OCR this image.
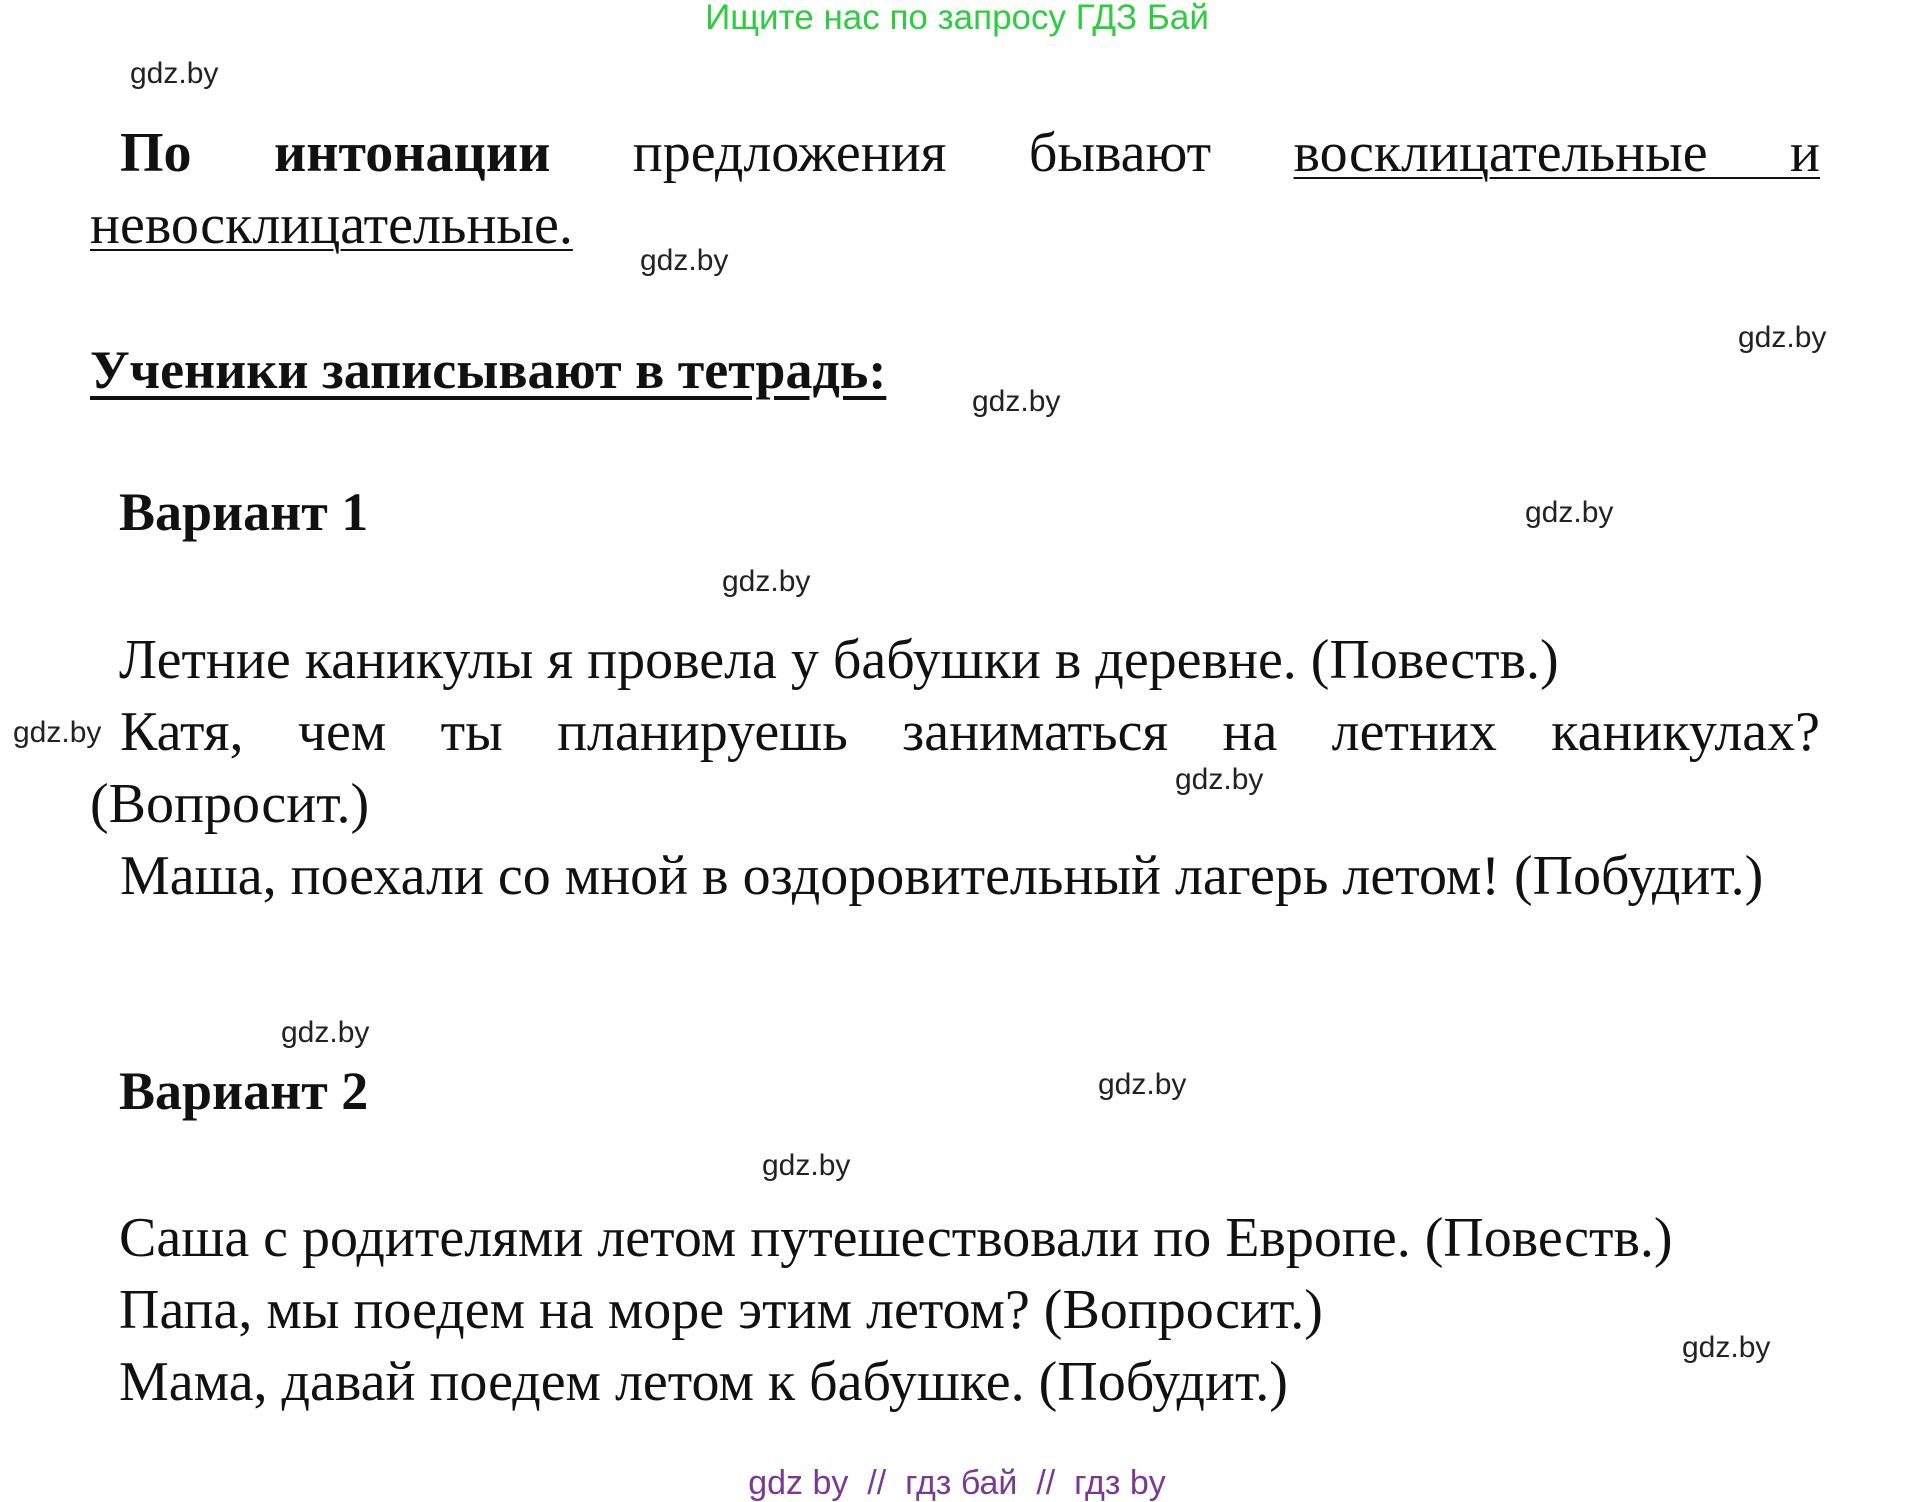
Ищите нас по запросу ГДЗ Бай
gdz.by
gdz.by
gdz.by
gdz.by
gdz.by
gdz.by
gdz.by
gdz.by
gdz.by
gdz.by
gdz.by
gdz.by
По интонации предложения бывают восклицательные и невосклицательные.
Ученики записывают в тетрадь:
Вариант 1
Летние каникулы я провела у бабушки в деревне. (Повеств.)
Катя, чем ты планируешь заниматься на летних каникулах? (Вопросит.)
Маша, поехали со мной в оздоровительный лагерь летом! (Побудит.)
Вариант 2
Саша с родителями летом путешествовали по Европе. (Повеств.)
Папа, мы поедем на море этим летом? (Вопросит.)
Мама, давай поедем летом к бабушке. (Побудит.)
gdz by  //  гдз бай  //  гдз by
